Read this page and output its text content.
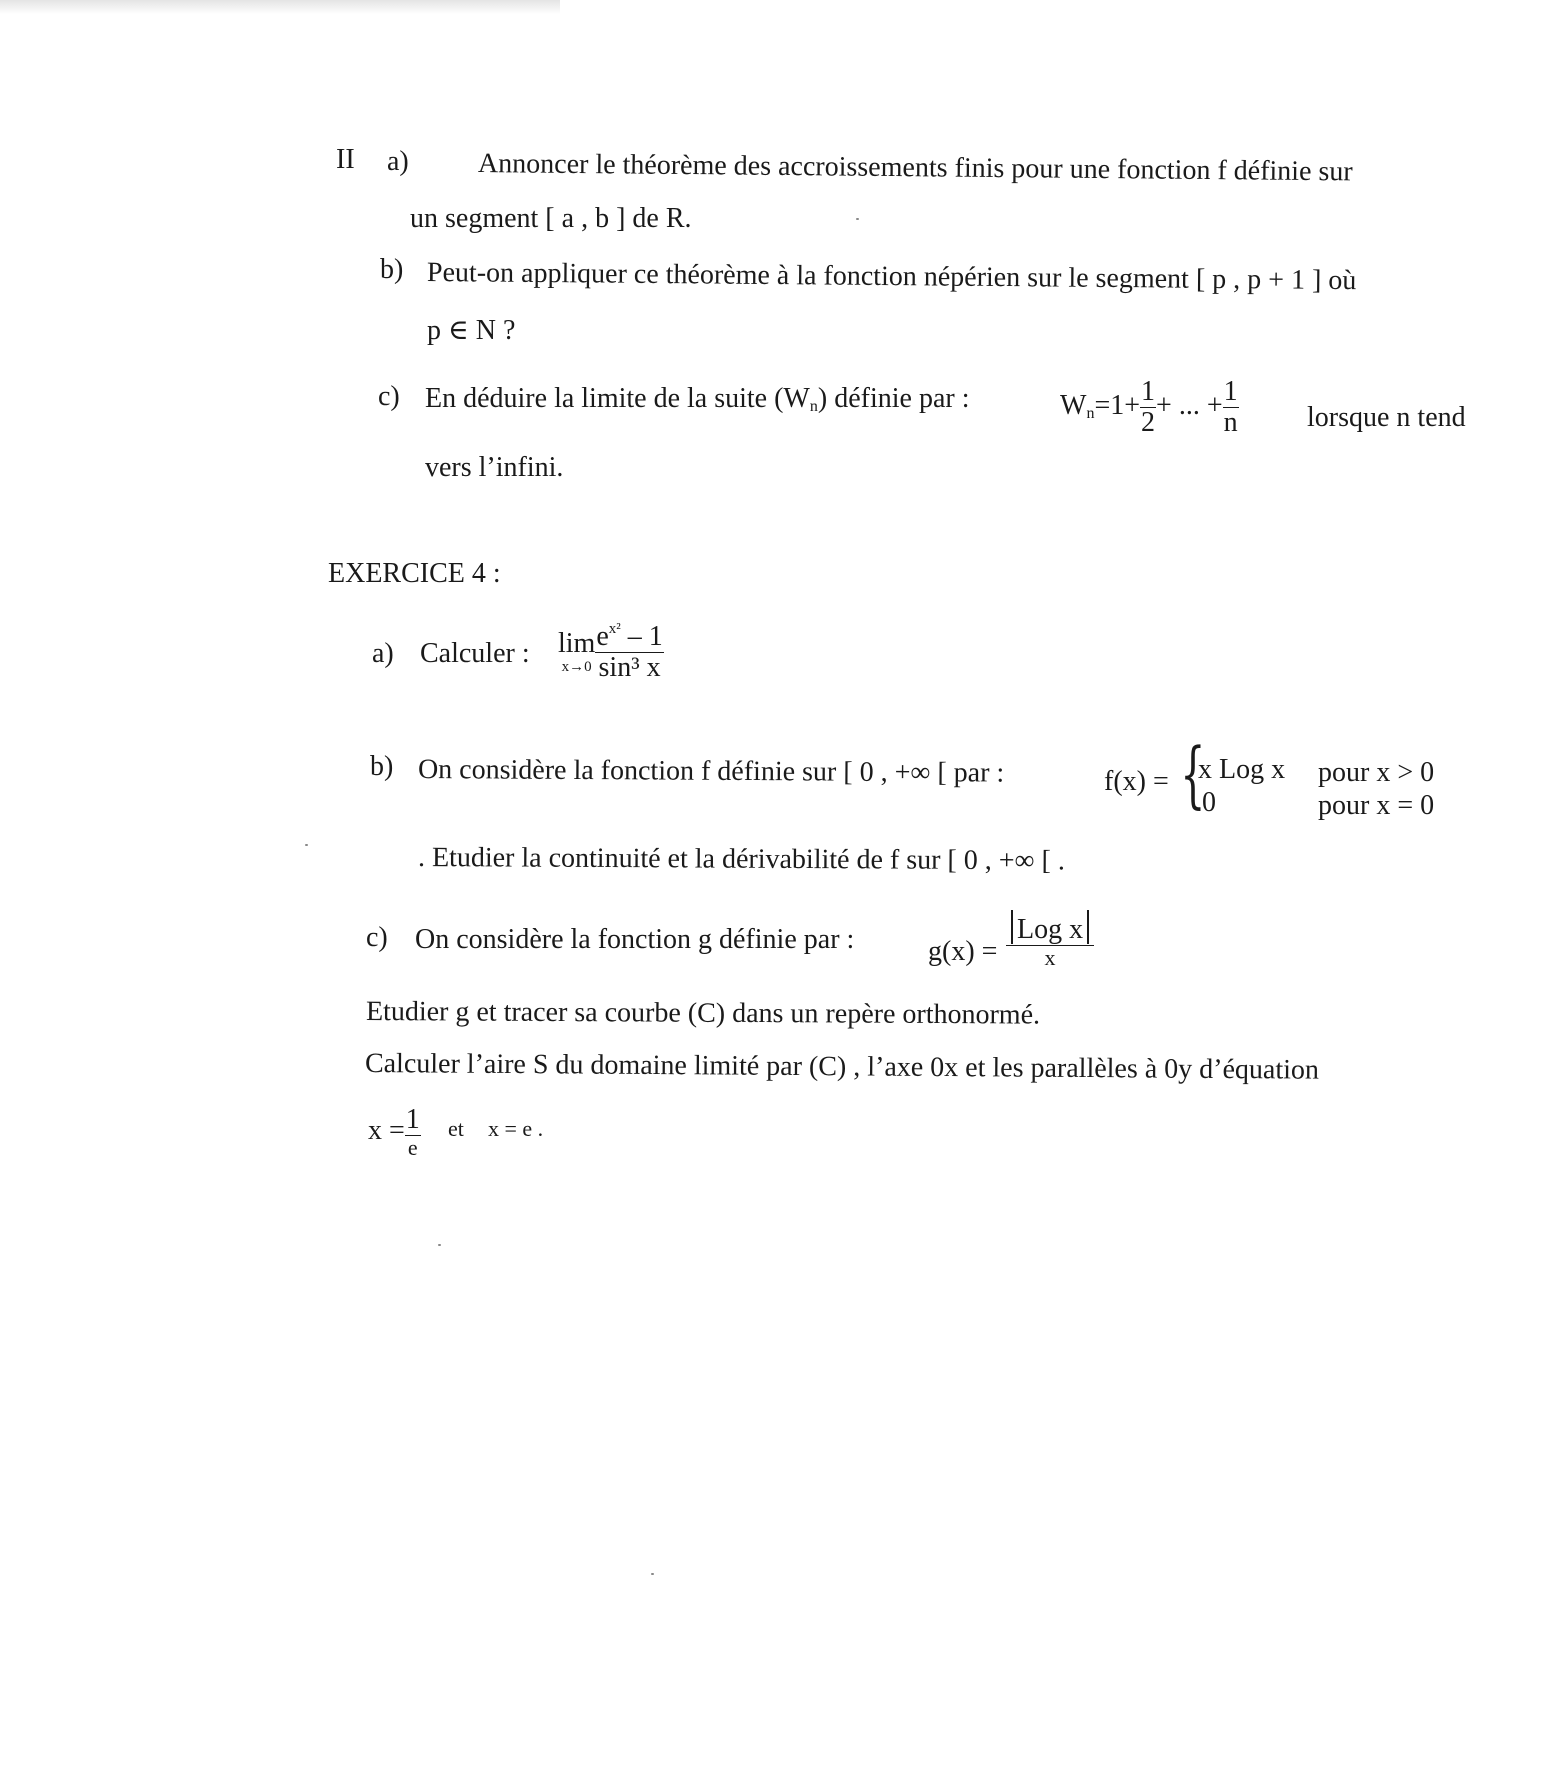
II a) Annoncer le théorème des accroissements finis pour une fonction f définie sur
un segment [ a , b ] de R.
b) Peut-on appliquer ce théorème à la fonction népérien sur le segment [ p , p + 1 ] où
p ∈ N ?
c) En déduire la limite de la suite $(W_n)$ définie par :	$W_n=1+ \frac{1}{2}$ + ... + $\frac{1}{n}$ lorsque n tend
vers l’infini.
EXERCICE 4 :
a) Calculer : lim
$x\to 0 \frac{e^{x^2} - 1}{\text{sin³ x}}$
b) On considère la fonction f définie sur [ 0 , +∞ [ par :	f(x) = {
x Log x pour x > 0
0	pour x = 0
. Etudier la continuité et la dérivabilité de f sur [ 0 , +∞ [ .
c) On considère la fonction g définie par :	$g(x) = \frac{\text{Log x}}{x}$
Etudier g et tracer sa courbe (C) dans un repère orthonormé.
Calculer l’aire S du domaine limité par (C) , l’axe 0x et les parallèles à 0y d’équation
$x = \frac{1}{e}$ et x = e .
